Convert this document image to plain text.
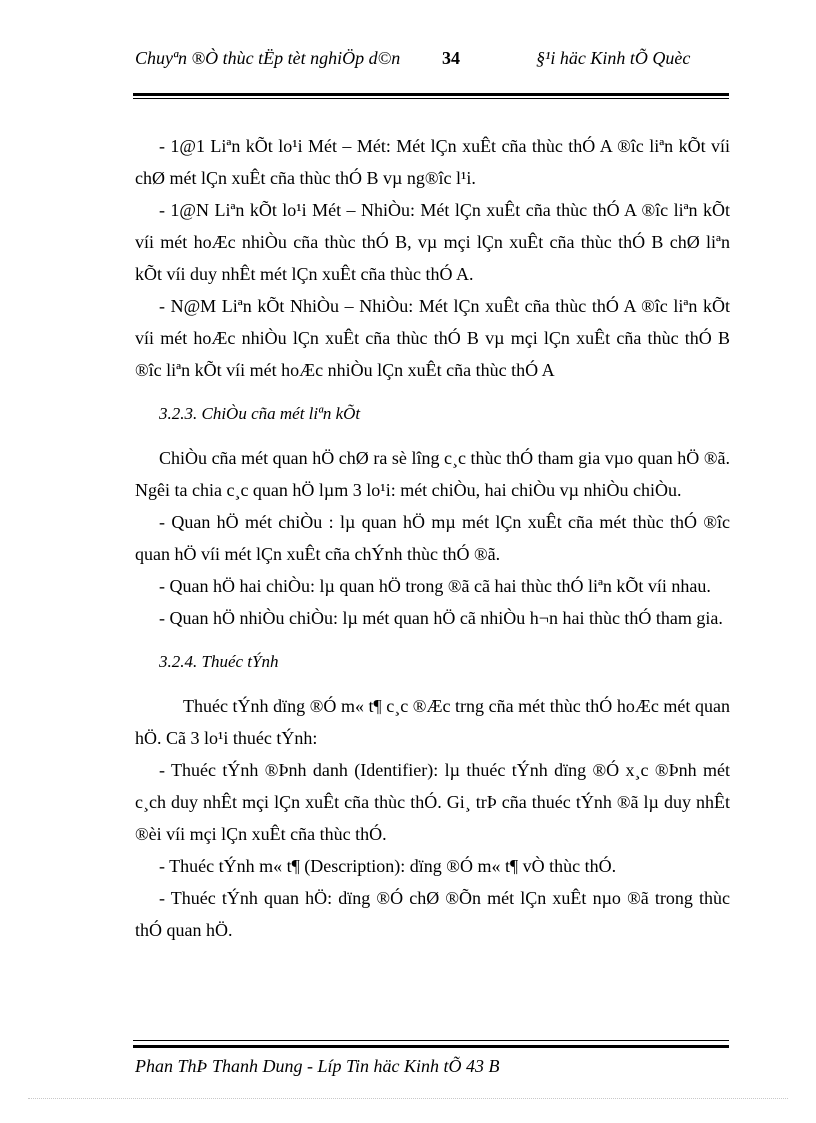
Chuyªn ®Ò thùc tËp tèt nghiÖp d©n	34	§¹i häc Kinh tÕ Quèc

- 1@1 Liªn kÕt lo¹i Mét – Mét: Mét lÇn xuÊt cña thùc thÓ A ®îc liªn kÕt víi chØ mét lÇn xuÊt cña thùc thÓ B vµ ng®îc l¹i.

- 1@N Liªn kÕt lo¹i Mét – NhiÒu: Mét lÇn xuÊt cña thùc thÓ A ®îc liªn kÕt víi mét hoÆc nhiÒu cña thùc thÓ B, vµ mçi lÇn xuÊt cña thùc thÓ B chØ liªn kÕt víi duy nhÊt mét lÇn xuÊt cña thùc thÓ A.

- N@M Liªn kÕt NhiÒu – NhiÒu: Mét lÇn xuÊt cña thùc thÓ A ®îc liªn kÕt víi mét hoÆc nhiÒu lÇn xuÊt cña thùc thÓ B vµ mçi lÇn xuÊt cña thùc thÓ B ®îc liªn kÕt víi mét hoÆc nhiÒu lÇn xuÊt cña thùc thÓ A

3.2.3. ChiÒu cña mét liªn kÕt

ChiÒu cña mét quan hÖ chØ ra sè lîng c¸c thùc thÓ tham gia vµo quan hÖ ®ã. Ngêi ta chia c¸c quan hÖ lµm 3 lo¹i: mét chiÒu, hai chiÒu vµ nhiÒu chiÒu.

- Quan hÖ mét chiÒu : lµ quan hÖ mµ mét lÇn xuÊt cña mét thùc thÓ ®îc quan hÖ víi mét lÇn xuÊt cña chÝnh thùc thÓ ®ã.

- Quan hÖ hai chiÒu: lµ quan hÖ trong ®ã cã hai thùc thÓ liªn kÕt víi nhau.

- Quan hÖ nhiÒu chiÒu: lµ mét quan hÖ cã nhiÒu h¬n hai thùc thÓ tham gia.

3.2.4. Thuéc tÝnh

Thuéc tÝnh dïng ®Ó m« t¶ c¸c ®Æc trng cña mét thùc thÓ hoÆc mét quan hÖ. Cã 3 lo¹i thuéc tÝnh:

- Thuéc tÝnh ®Þnh danh (Identifier): lµ thuéc tÝnh dïng ®Ó x¸c ®Þnh mét c¸ch duy nhÊt mçi lÇn xuÊt cña thùc thÓ. Gi¸ trÞ cña thuéc tÝnh ®ã lµ duy nhÊt ®èi víi mçi lÇn xuÊt cña thùc thÓ.

- Thuéc tÝnh m« t¶ (Description): dïng ®Ó m« t¶ vÒ thùc thÓ.

- Thuéc tÝnh quan hÖ: dïng ®Ó chØ ®Õn mét lÇn xuÊt nµo ®ã trong thùc thÓ quan hÖ.

Phan ThÞ Thanh Dung - Líp Tin häc Kinh tÕ 43 B
